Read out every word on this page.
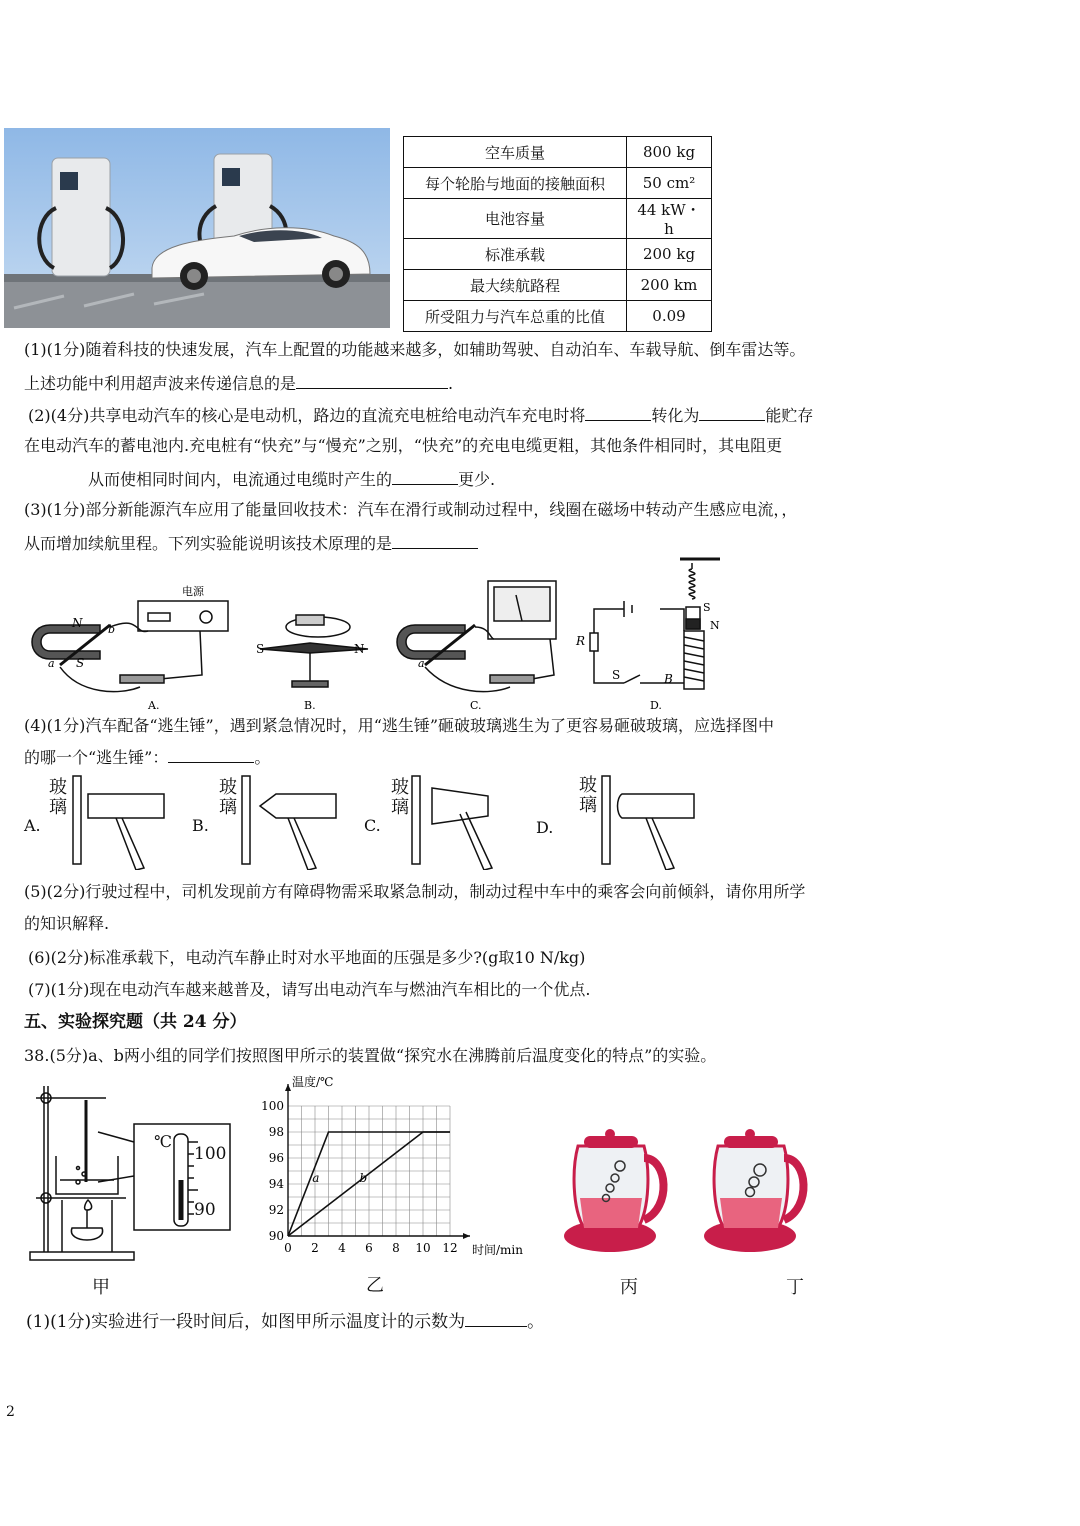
空车质量	800 kg
每个轮胎与地面的接触面积	50 cm²
电池容量	44 kW・h
标准承载	200 kg
最大续航路程	200 km
所受阻力与汽车总重的比值	0.09
(1)(1分)随着科技的快速发展，汽车上配置的功能越来越多，如辅助驾驶、自动泊车、车载导航、倒车雷达等。
上述功能中利用超声波来传递信息的是	.
(2)(4分)共享电动汽车的核心是电动机，路边的直流充电桩给电动汽车充电时将	转化为	能贮存
在电动汽车的蓄电池内.充电桩有“快充”与“慢充”之别，“快充”的充电电缆更粗，其他条件相同时，其电阻更
从而使相同时间内，电流通过电缆时产生的	更少.
(3)(1分)部分新能源汽车应用了能量回收技术：汽车在滑行或制动过程中，线圈在磁场中转动产生感应电流，，
从而增加续航里程。下列实验能说明该技术原理的是
电源
N
S
b
a
A.
S	N
B.
a
C.
S
N
R
S	B
D.
(4)(1分)汽车配备“逃生锤”，遇到紧急情况时，用“逃生锤”砸破玻璃逃生为了更容易砸破玻璃，应选择图中
的哪一个“逃生锤”：	。
玻
璃
玻
璃
玻
璃
玻
璃
A.	B.	C.	D.
(5)(2分)行驶过程中，司机发现前方有障碍物需采取紧急制动，制动过程中车中的乘客会向前倾斜，请你用所学
的知识解释.
(6)(2分)标准承载下，电动汽车静止时对水平地面的压强是多少?(g取10 N/kg)
(7)(1分)现在电动汽车越来越普及，请写出电动汽车与燃油汽车相比的一个优点.
五、实验探究题（共 24 分）
38.(5分)a、b两小组的同学们按照图甲所示的装置做“探究水在沸腾前后温度变化的特点”的实验。
℃
100
90
0 2 4 6 8 10 12
90
92
94
96
98
100
温度/℃
时间/min
a	b
甲	乙	丙	丁
(1)(1分)实验进行一段时间后，如图甲所示温度计的示数为	。
2
